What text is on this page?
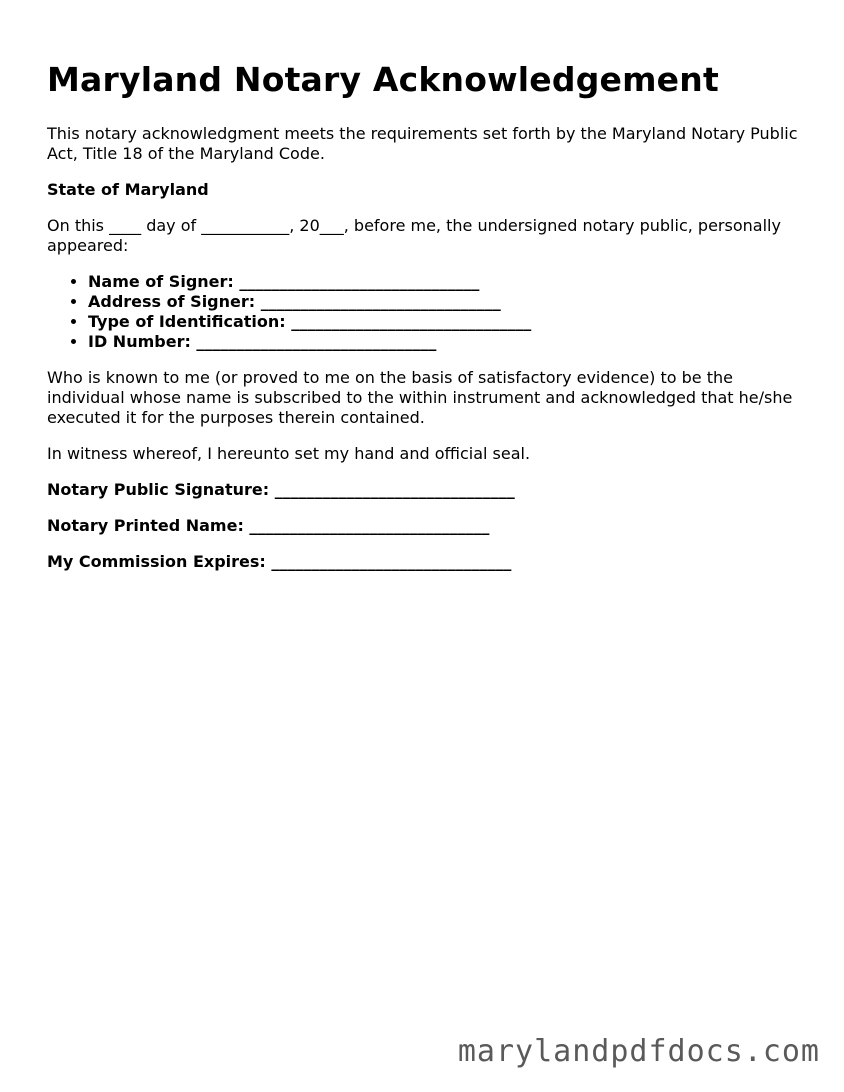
Maryland Notary Acknowledgement

This notary acknowledgment meets the requirements set forth by the Maryland Notary Public Act, Title 18 of the Maryland Code.

State of Maryland

On this ____ day of ___________, 20___, before me, the undersigned notary public, personally appeared:

• Name of Signer: ______________________________
• Address of Signer: ______________________________
• Type of Identification: ______________________________
• ID Number: ______________________________

Who is known to me (or proved to me on the basis of satisfactory evidence) to be the individual whose name is subscribed to the within instrument and acknowledged that he/she executed it for the purposes therein contained.

In witness whereof, I hereunto set my hand and official seal.

Notary Public Signature: ______________________________

Notary Printed Name: ______________________________

My Commission Expires: ______________________________

marylandpdfdocs.com
